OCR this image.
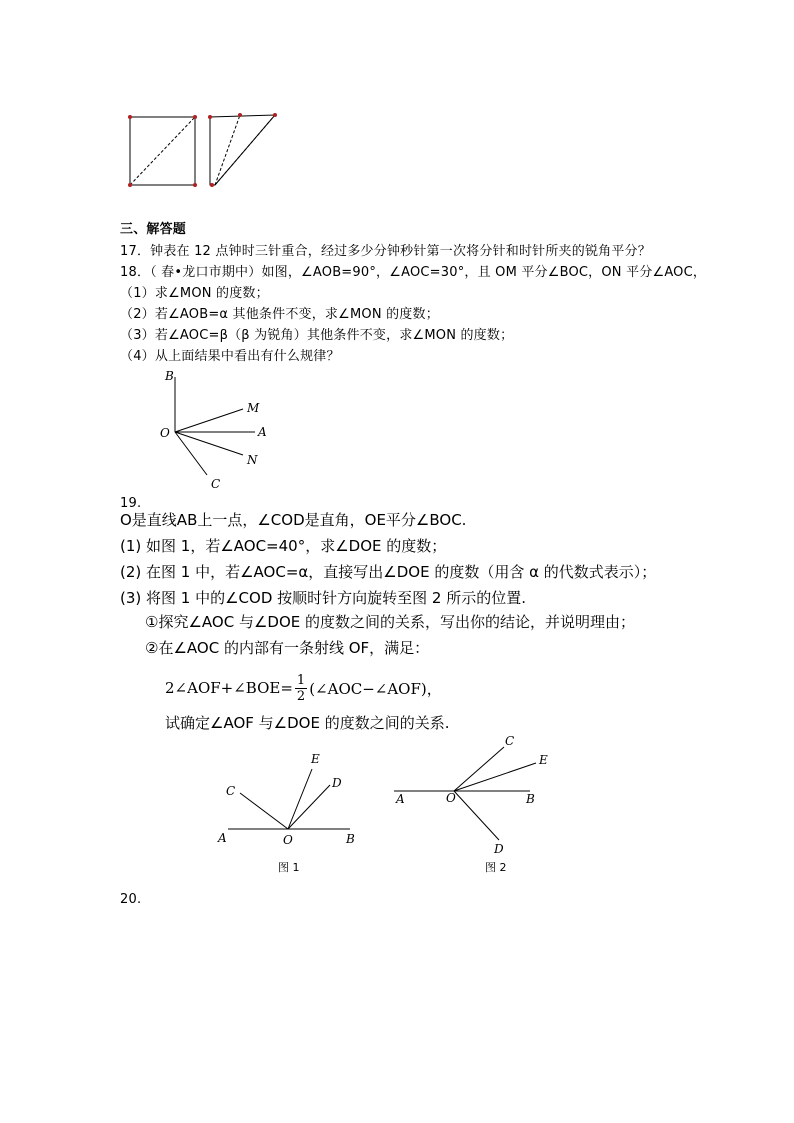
三、解答题
17．钟表在 12 点钟时三针重合，经过多少分钟秒针第一次将分针和时针所夹的锐角平分？
18．（ 春•龙口市期中）如图，∠AOB=90°，∠AOC=30°，且 OM 平分∠BOC，ON 平分∠AOC，
（1）求∠MON 的度数；
（2）若∠AOB=α 其他条件不变，求∠MON 的度数；
（3）若∠AOC=β（β 为锐角）其他条件不变，求∠MON 的度数；
（4）从上面结果中看出有什么规律？
B
O
M
A
N
C
19.
O是直线AB上一点，∠COD是直角，OE平分∠BOC.
(1) 如图 1，若∠AOC=40°，求∠DOE 的度数；
(2) 在图 1 中，若∠AOC=α，直接写出∠DOE 的度数（用含 α 的代数式表示）；
(3) 将图 1 中的∠COD 按顺时针方向旋转至图 2 所示的位置.
①探究∠AOC 与∠DOE 的度数之间的关系，写出你的结论，并说明理由；
②在∠AOC 的内部有一条射线 OF，满足：
2∠AOF+∠BOE= $\frac{1}{2}$ (∠AOC−∠AOF)，
试确定∠AOF 与∠DOE 的度数之间的关系.
C
E
D
A	O	B
图 1
C
E
A	O	B
D
图 2
20.
